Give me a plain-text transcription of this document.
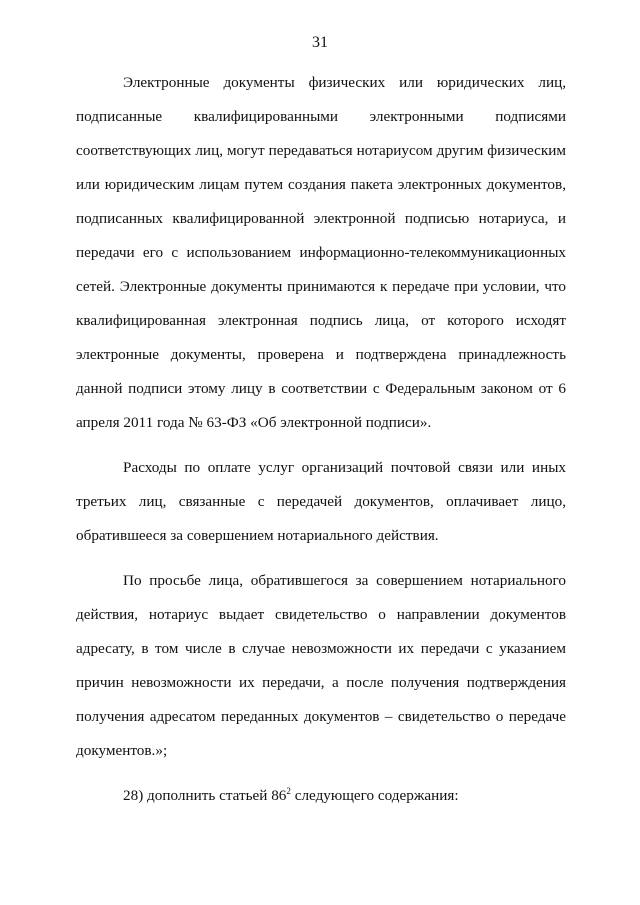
31

Электронные документы физических или юридических лиц, подписанные квалифицированными электронными подписями соответствующих лиц, могут передаваться нотариусом другим физическим или юридическим лицам путем создания пакета электронных документов, подписанных квалифицированной электронной подписью нотариуса, и передачи его с использованием информационно-телекоммуникационных сетей. Электронные документы принимаются к передаче при условии, что квалифицированная электронная подпись лица, от которого исходят электронные документы, проверена и подтверждена принадлежность данной подписи этому лицу в соответствии с Федеральным законом от 6 апреля 2011 года № 63-ФЗ «Об электронной подписи».

Расходы по оплате услуг организаций почтовой связи или иных третьих лиц, связанные с передачей документов, оплачивает лицо, обратившееся за совершением нотариального действия.

По просьбе лица, обратившегося за совершением нотариального действия, нотариус выдает свидетельство о направлении документов адресату, в том числе в случае невозможности их передачи с указанием причин невозможности их передачи, а после получения подтверждения получения адресатом переданных документов – свидетельство о передаче документов.»;

28) дополнить статьей $86^2$ следующего содержания:
